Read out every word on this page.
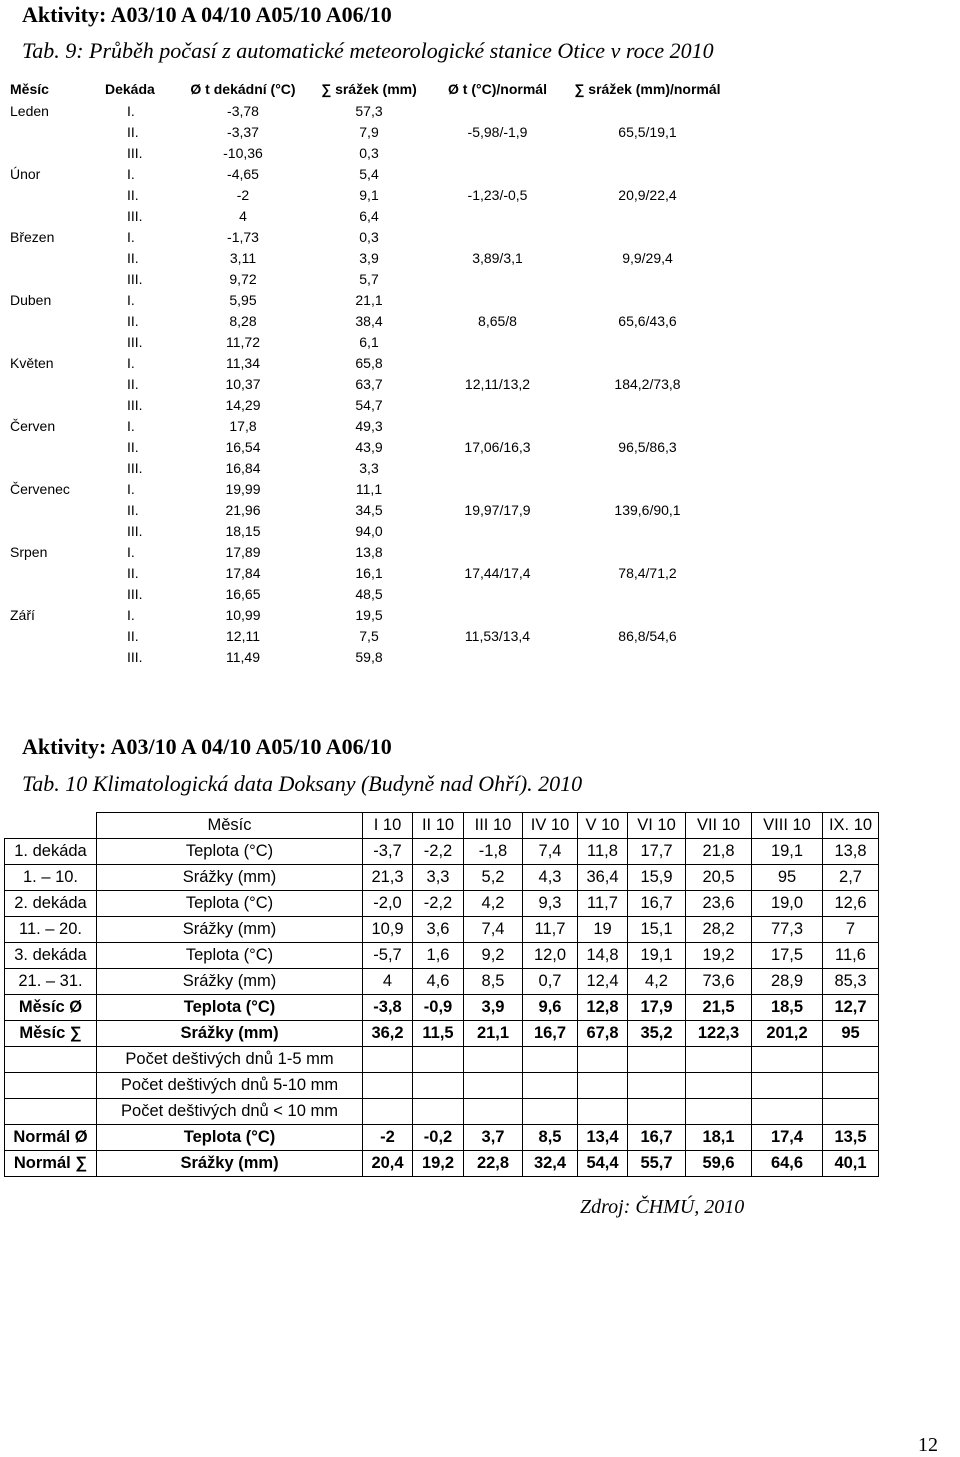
Aktivity: A03/10 A 04/10 A05/10 A06/10
Tab. 9: Průběh počasí z automatické meteorologické stanice Otice v roce 2010
Měsíc	Dekáda	Ø t dekádní (°C)	∑ srážek (mm)	Ø t (°C)/normál	∑ srážek (mm)/normál
Leden	I.	-3,78	57,3		
	II.	-3,37	7,9	-5,98/-1,9	65,5/19,1
	III.	-10,36	0,3		
Únor	I.	-4,65	5,4		
	II.	-2	9,1	-1,23/-0,5	20,9/22,4
	III.	4	6,4		
Březen	I.	-1,73	0,3		
	II.	3,11	3,9	3,89/3,1	9,9/29,4
	III.	9,72	5,7		
Duben	I.	5,95	21,1		
	II.	8,28	38,4	8,65/8	65,6/43,6
	III.	11,72	6,1		
Květen	I.	11,34	65,8		
	II.	10,37	63,7	12,11/13,2	184,2/73,8
	III.	14,29	54,7		
Červen	I.	17,8	49,3		
	II.	16,54	43,9	17,06/16,3	96,5/86,3
	III.	16,84	3,3		
Červenec	I.	19,99	11,1		
	II.	21,96	34,5	19,97/17,9	139,6/90,1
	III.	18,15	94,0		
Srpen	I.	17,89	13,8		
	II.	17,84	16,1	17,44/17,4	78,4/71,2
	III.	16,65	48,5		
Září	I.	10,99	19,5		
	II.	12,11	7,5	11,53/13,4	86,8/54,6
	III.	11,49	59,8		
Aktivity: A03/10 A 04/10 A05/10 A06/10
Tab. 10 Klimatologická data Doksany (Budyně nad Ohří). 2010
	Měsíc	I 10	II 10	III 10	IV 10	V 10	VI 10	VII 10	VIII 10	IX. 10
1. dekáda	Teplota (°C)	-3,7	-2,2	-1,8	7,4	11,8	17,7	21,8	19,1	13,8
1. – 10.	Srážky (mm)	21,3	3,3	5,2	4,3	36,4	15,9	20,5	95	2,7
2. dekáda	Teplota (°C)	-2,0	-2,2	4,2	9,3	11,7	16,7	23,6	19,0	12,6
11. – 20.	Srážky (mm)	10,9	3,6	7,4	11,7	19	15,1	28,2	77,3	7
3. dekáda	Teplota (°C)	-5,7	1,6	9,2	12,0	14,8	19,1	19,2	17,5	11,6
21. – 31.	Srážky (mm)	4	4,6	8,5	0,7	12,4	4,2	73,6	28,9	85,3
Měsíc Ø	Teplota (°C)	-3,8	-0,9	3,9	9,6	12,8	17,9	21,5	18,5	12,7
Měsíc ∑	Srážky (mm)	36,2	11,5	21,1	16,7	67,8	35,2	122,3	201,2	95
	Počet deštivých dnů 1-5 mm									
	Počet deštivých dnů 5-10 mm									
	Počet deštivých dnů < 10 mm									
Normál Ø	Teplota (°C)	-2	-0,2	3,7	8,5	13,4	16,7	18,1	17,4	13,5
Normál ∑	Srážky (mm)	20,4	19,2	22,8	32,4	54,4	55,7	59,6	64,6	40,1
Zdroj: ČHMÚ, 2010
12
